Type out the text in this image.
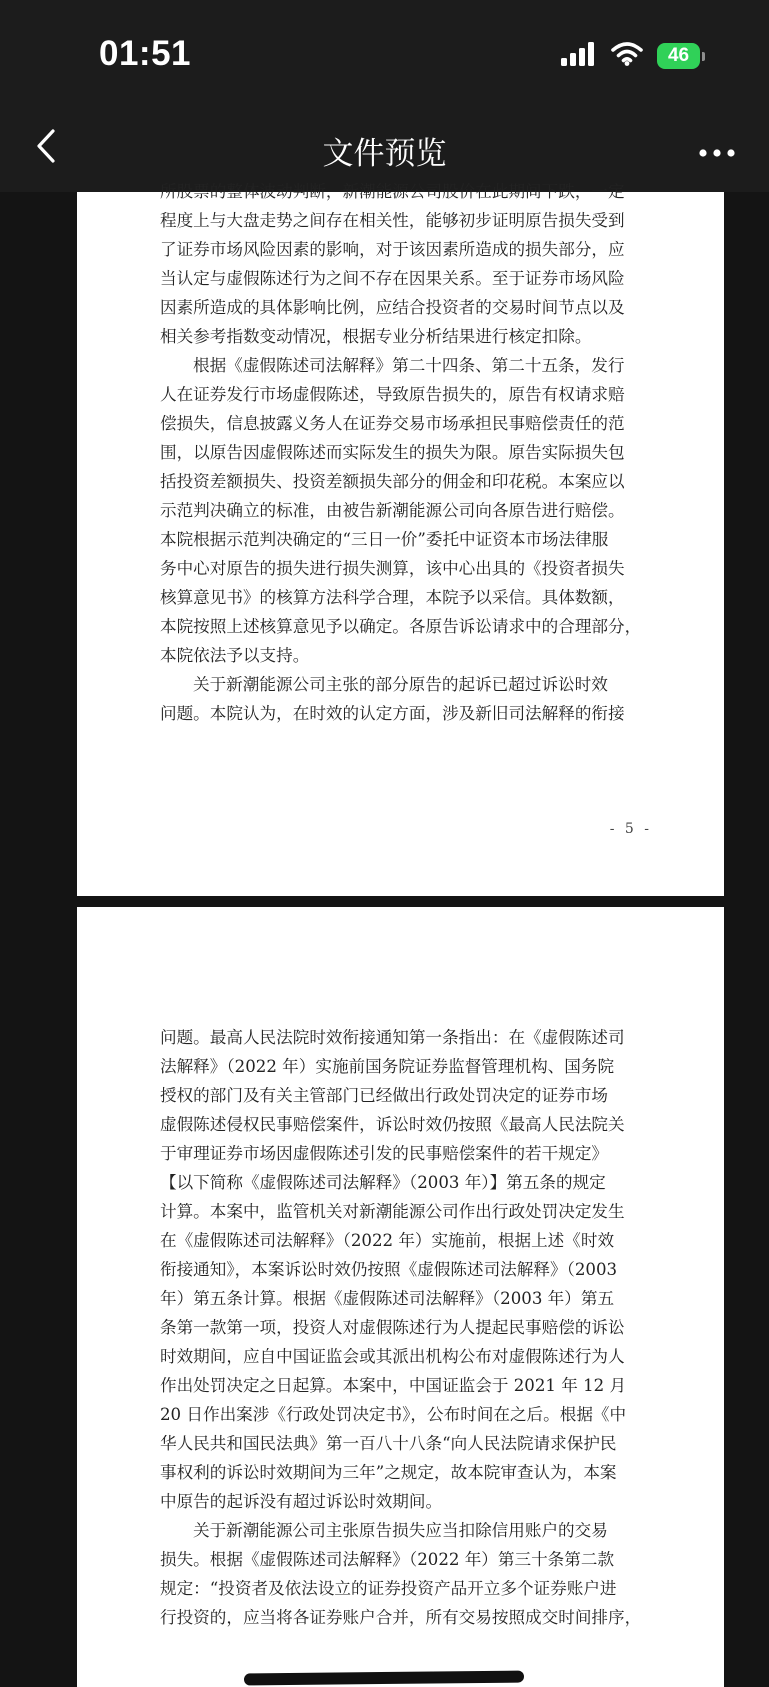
01:51	46
文件预览
所股票的整体波动判断，新潮能源公司股价在此期间下跌，一定
程度上与大盘走势之间存在相关性，能够初步证明原告损失受到
了证券市场风险因素的影响，对于该因素所造成的损失部分，应
当认定与虚假陈述行为之间不存在因果关系。至于证券市场风险
因素所造成的具体影响比例，应结合投资者的交易时间节点以及
相关参考指数变动情况，根据专业分析结果进行核定扣除。
根据《虚假陈述司法解释》第二十四条、第二十五条，发行
人在证券发行市场虚假陈述，导致原告损失的，原告有权请求赔
偿损失，信息披露义务人在证券交易市场承担民事赔偿责任的范
围，以原告因虚假陈述而实际发生的损失为限。原告实际损失包
括投资差额损失、投资差额损失部分的佣金和印花税。本案应以
示范判决确立的标准，由被告新潮能源公司向各原告进行赔偿。
本院根据示范判决确定的“三日一价”委托中证资本市场法律服
务中心对原告的损失进行损失测算，该中心出具的《投资者损失
核算意见书》的核算方法科学合理，本院予以采信。具体数额，
本院按照上述核算意见予以确定。各原告诉讼请求中的合理部分，
本院依法予以支持。
关于新潮能源公司主张的部分原告的起诉已超过诉讼时效
问题。本院认为，在时效的认定方面，涉及新旧司法解释的衔接
- 5 -
问题。最高人民法院时效衔接通知第一条指出：在《虚假陈述司
法解释》（2022 年）实施前国务院证券监督管理机构、国务院
授权的部门及有关主管部门已经做出行政处罚决定的证券市场
虚假陈述侵权民事赔偿案件，诉讼时效仍按照《最高人民法院关
于审理证券市场因虚假陈述引发的民事赔偿案件的若干规定》
【以下简称《虚假陈述司法解释》（2003 年）】第五条的规定
计算。本案中，监管机关对新潮能源公司作出行政处罚决定发生
在《虚假陈述司法解释》（2022 年）实施前，根据上述《时效
衔接通知》，本案诉讼时效仍按照《虚假陈述司法解释》（2003
年）第五条计算。根据《虚假陈述司法解释》（2003 年）第五
条第一款第一项，投资人对虚假陈述行为人提起民事赔偿的诉讼
时效期间，应自中国证监会或其派出机构公布对虚假陈述行为人
作出处罚决定之日起算。本案中，中国证监会于 2021 年 12 月
20 日作出案涉《行政处罚决定书》，公布时间在之后。根据《中
华人民共和国民法典》第一百八十八条“向人民法院请求保护民
事权利的诉讼时效期间为三年”之规定，故本院审查认为，本案
中原告的起诉没有超过诉讼时效期间。
关于新潮能源公司主张原告损失应当扣除信用账户的交易
损失。根据《虚假陈述司法解释》（2022 年）第三十条第二款
规定：“投资者及依法设立的证券投资产品开立多个证券账户进
行投资的，应当将各证券账户合并，所有交易按照成交时间排序，
